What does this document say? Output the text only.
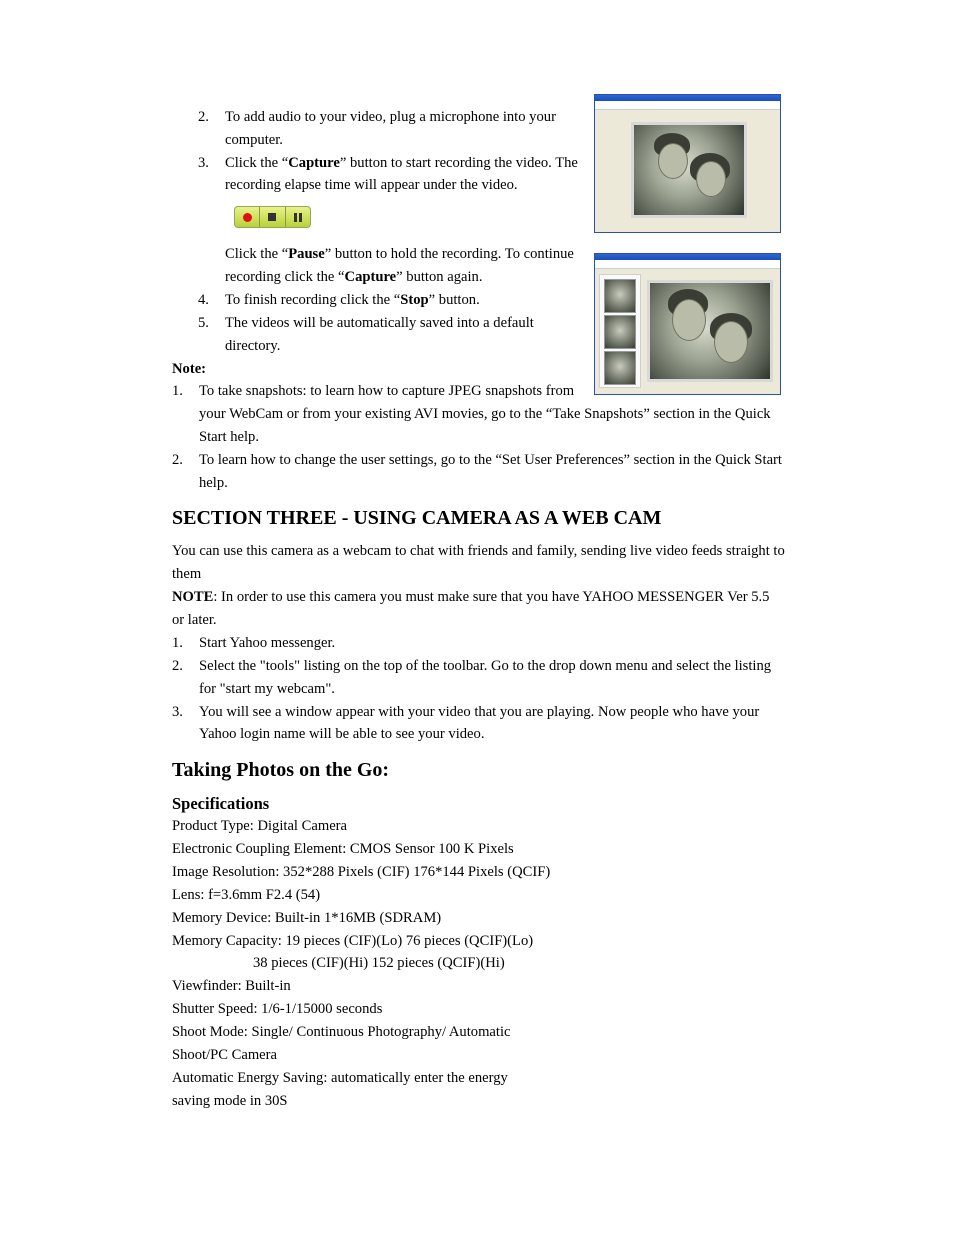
2. To add audio to your video, plug a microphone into your
computer.
3. Click the “Capture” button to start recording the video. The
recording elapse time will appear under the video.
Click the “Pause” button to hold the recording. To continue
recording click the “Capture” button again.
4. To finish recording click the “Stop” button.
5. The videos will be automatically saved into a default
directory.
Note:
1. To take snapshots: to learn how to capture JPEG snapshots from
your WebCam or from your existing AVI movies, go to the “Take Snapshots” section in the Quick
Start help.
2. To learn how to change the user settings, go to the “Set User Preferences” section in the Quick Start
help.
SECTION THREE - USING CAMERA AS A WEB CAM
You can use this camera as a webcam to chat with friends and family, sending live video feeds straight to
them
NOTE: In order to use this camera you must make sure that you have YAHOO MESSENGER Ver 5.5
or later.
1. Start Yahoo messenger.
2. Select the "tools" listing on the top of the toolbar. Go to the drop down menu and select the listing
for "start my webcam".
3. You will see a window appear with your video that you are playing. Now people who have your
Yahoo login name will be able to see your video.
Taking Photos on the Go:
Specifications
Product Type: Digital Camera
Electronic Coupling Element: CMOS Sensor 100 K Pixels
Image Resolution: 352*288 Pixels (CIF) 176*144 Pixels (QCIF)
Lens: f=3.6mm F2.4 (54)
Memory Device: Built-in 1*16MB (SDRAM)
Memory Capacity: 19 pieces (CIF)(Lo) 76 pieces (QCIF)(Lo)
38 pieces (CIF)(Hi) 152 pieces (QCIF)(Hi)
Viewfinder: Built-in
Shutter Speed: 1/6-1/15000 seconds
Shoot Mode: Single/ Continuous Photography/ Automatic
Shoot/PC Camera
Automatic Energy Saving: automatically enter the energy
saving mode in 30S
